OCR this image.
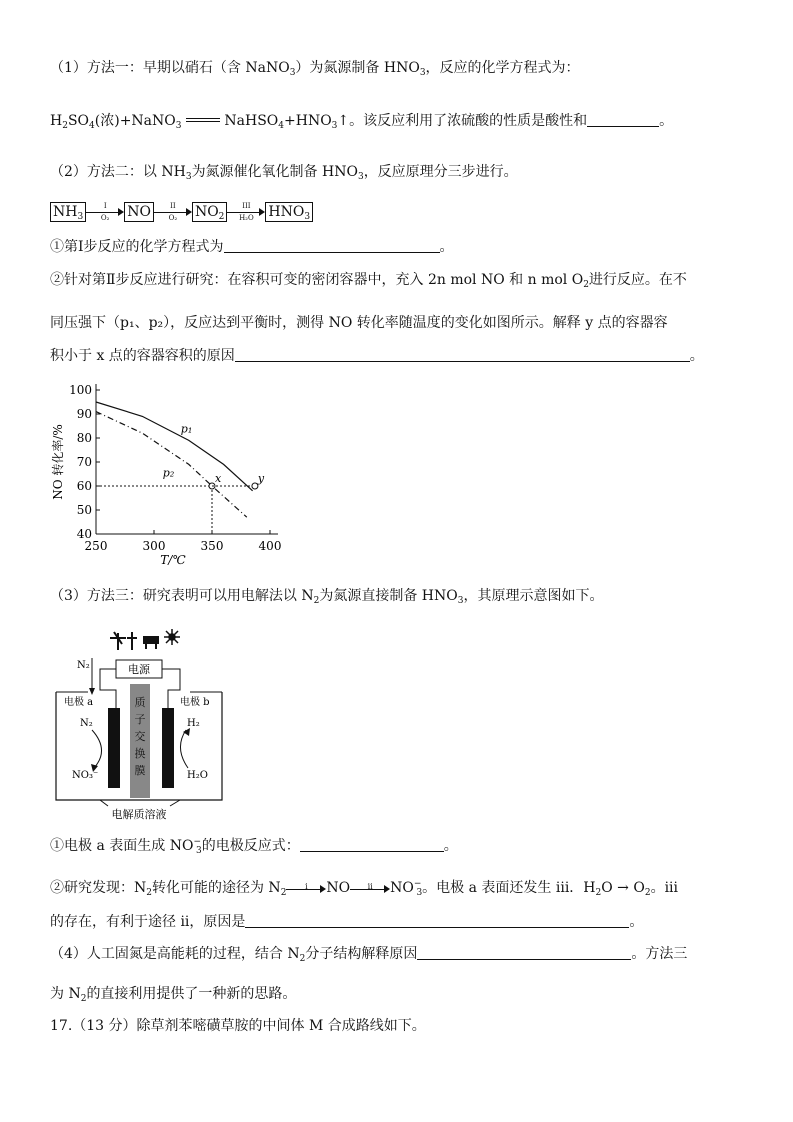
（1）方法一：早期以硝石（含 NaNO$_3$）为氮源制备 $HNO_3$，反应的化学方程式为：
$H_2SO_4$(浓)+NaNO$_3$	$NaHSO_4+HNO_3↑$。该反应利用了浓硫酸的性质是酸性和	。
（2）方法二：以 $NH_3$为氮源催化氧化制备 $HNO_3$，反应原理分三步进行。
$NH_3 \frac{I}{\text{O₂}}$ NO $\frac{II}{\text{O₂}} NO_2$
III
H₂O	$HNO_3$
①第Ⅰ步反应的化学方程式为	。
②针对第Ⅱ步反应进行研究：在容积可变的密闭容器中，充入 2n mol NO 和 n mol $O_2$进行反应。在不
同压强下（p₁、p₂），反应达到平衡时，测得 NO 转化率随温度的变化如图所示。解释 y 点的容器容
积小于 x 点的容器容积的原因	。
40
50
60
70
80
90
100
250	300	350	400
T/℃
NO 转化率/%	p₁
p₂	x	y
（3）方法三：研究表明可以用电解法以 $N_2$为氮源直接制备 $HNO_3$，其原理示意图如下。
电源
N₂
电极 a	电极 b
质子交换膜
N₂
NO₃⁻
H₂
H₂O
电解质溶液
①电极 a 表面生成 $NO^-_3$的电极反应式：	。
②研究发现：$N_2$转化可能的途径为 $N_2$
i	NO	ii	$NO^-_3$。电极 a 表面还发生 iii．$H_2O \to O_2$。iii
的存在，有利于途径 ii，原因是	。
（4）人工固氮是高能耗的过程，结合 $N_2$分子结构解释原因	。方法三
为 $N_2$的直接利用提供了一种新的思路。
17.（13 分）除草剂苯嘧磺草胺的中间体 M 合成路线如下。
